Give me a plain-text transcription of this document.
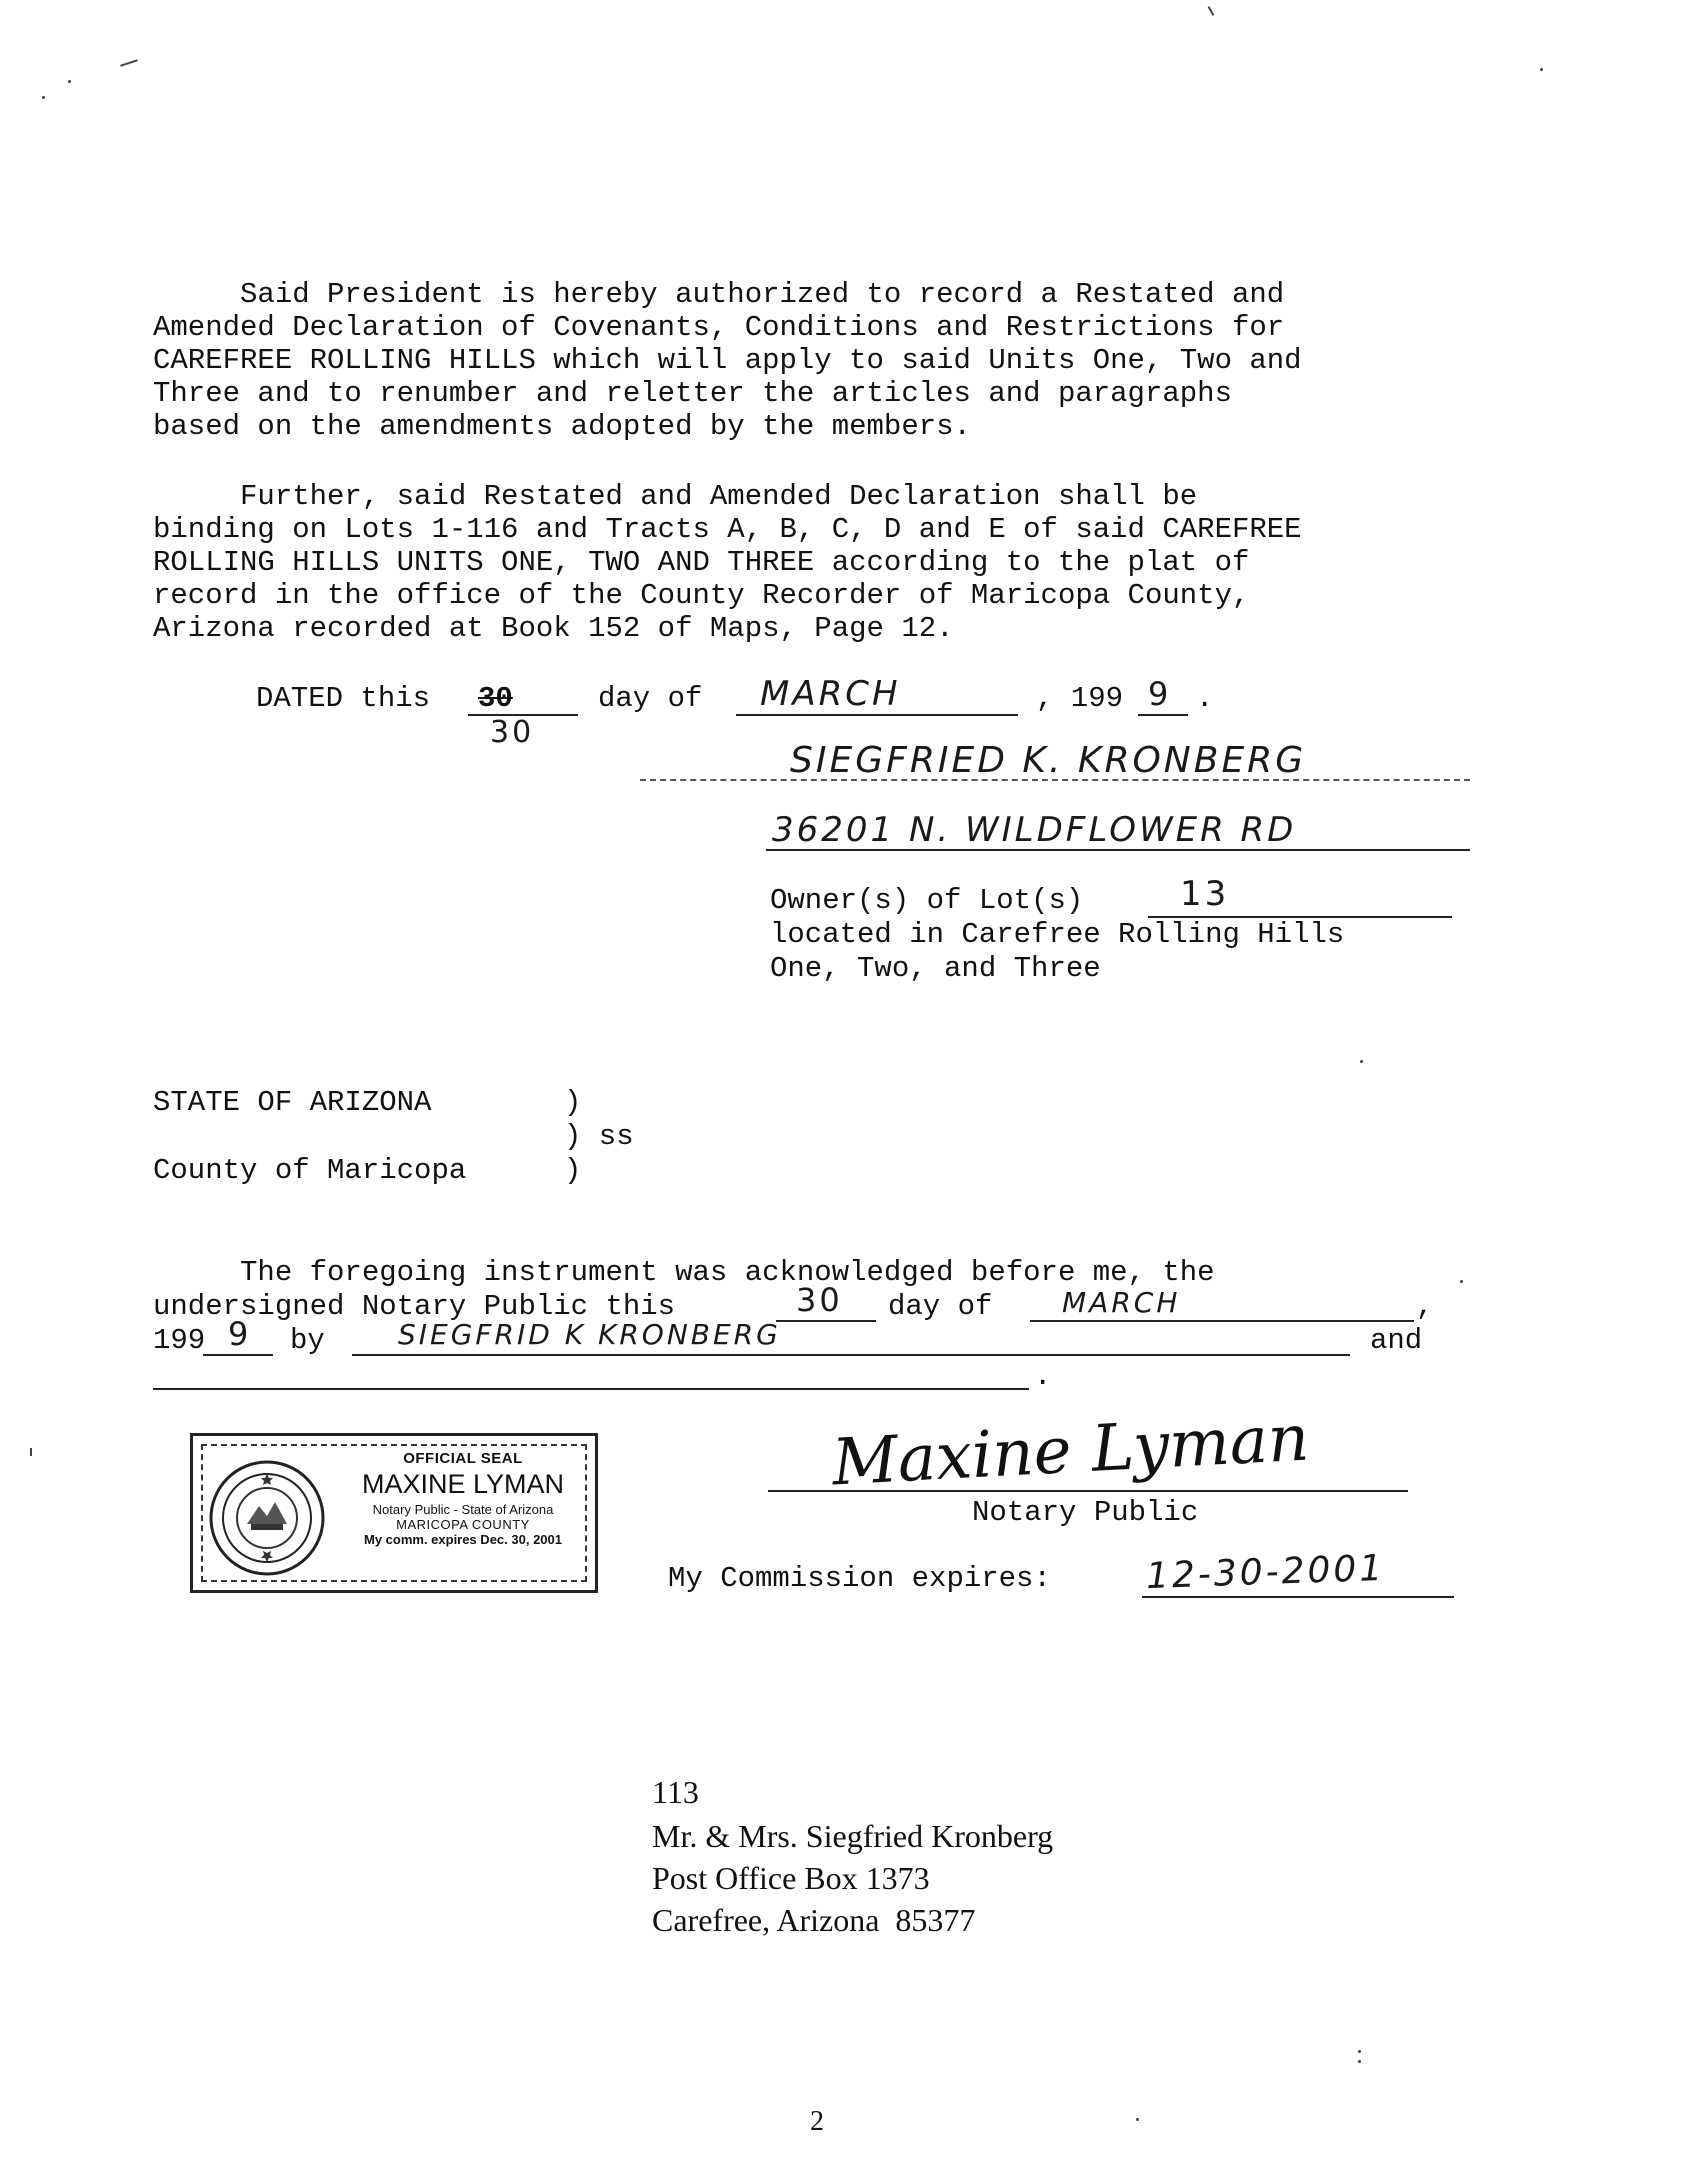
Said President is hereby authorized to record a Restated and
Amended Declaration of Covenants, Conditions and Restrictions for
CAREFREE ROLLING HILLS which will apply to said Units One, Two and
Three and to renumber and reletter the articles and paragraphs
based on the amendments adopted by the members.
Further, said Restated and Amended Declaration shall be
binding on Lots 1-116 and Tracts A, B, C, D and E of said CAREFREE
ROLLING HILLS UNITS ONE, TWO AND THREE according to the plat of
record in the office of the County Recorder of Maricopa County,
Arizona recorded at Book 152 of Maps, Page 12.
DATED this 30
30
day of MARCH	, 199 9 .
SIEGFRIED K. KRONBERG
36201 N. WILDFLOWER RD
Owner(s) of Lot(s)	13
located in Carefree Rolling Hills
One, Two, and Three
STATE OF ARIZONA	)
) ss
County of Maricopa	)
The foregoing instrument was acknowledged before me, the
undersigned Notary Public this	30 day of MARCH	,
199 9 by	SIEGFRID K KRONBERG	and
.
OFFICIAL SEAL
MAXINE LYMAN
Notary Public - State of Arizona
MARICOPA COUNTY
My comm. expires Dec. 30, 2001
Maxine Lyman
Notary Public
My Commission expires:	12-30-2001
113
Mr. & Mrs. Siegfried Kronberg
Post Office Box 1373
Carefree, Arizona  85377
2
